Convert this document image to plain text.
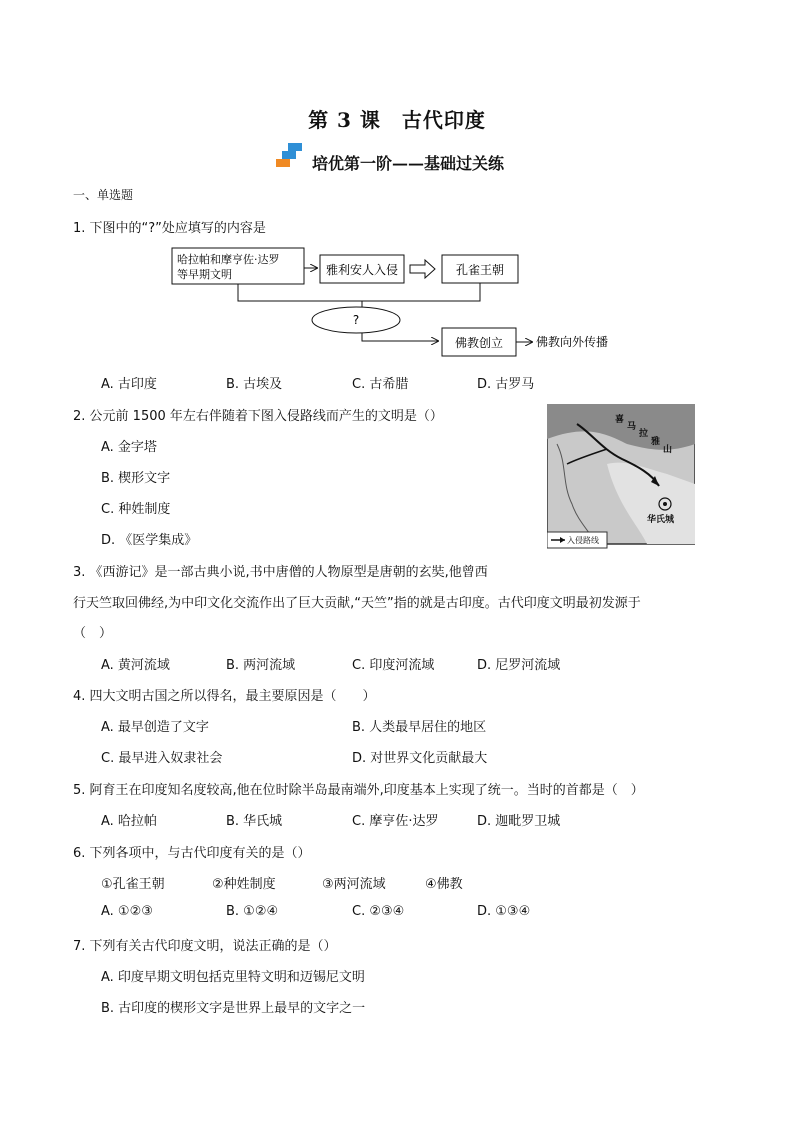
第 3 课　古代印度
培优第一阶——基础过关练
一、单选题
1. 下图中的“?”处应填写的内容是
哈拉帕和摩亨佐·达罗
等早期文明	雅利安人入侵	孔雀王朝
?
佛教创立	佛教向外传播
A. 古印度	B. 古埃及	C. 古希腊	D. 古罗马
2. 公元前 1500 年左右伴随着下图入侵路线而产生的文明是（）
A. 金字塔
B. 楔形文字
C. 种姓制度
D. 《医学集成》
喜
马
拉
雅
山
华氏城
入侵路线
3. 《西游记》是一部古典小说,书中唐僧的人物原型是唐朝的玄奘,他曾西
行天竺取回佛经,为中印文化交流作出了巨大贡献,“天竺”指的就是古印度。古代印度文明最初发源于
（　）
A. 黄河流域	B. 两河流域	C. 印度河流域	D. 尼罗河流域
4. 四大文明古国之所以得名，最主要原因是（　　）
A. 最早创造了文字	B. 人类最早居住的地区
C. 最早进入奴隶社会	D. 对世界文化贡献最大
5. 阿育王在印度知名度较高,他在位时除半岛最南端外,印度基本上实现了统一。当时的首都是（　）
A. 哈拉帕	B. 华氏城	C. 摩亨佐·达罗	D. 迦毗罗卫城
6. 下列各项中，与古代印度有关的是（）
①孔雀王朝	②种姓制度	③两河流域	④佛教
A. ①②③	B. ①②④	C. ②③④	D. ①③④
7. 下列有关古代印度文明，说法正确的是（）
A. 印度早期文明包括克里特文明和迈锡尼文明
B. 古印度的楔形文字是世界上最早的文字之一
